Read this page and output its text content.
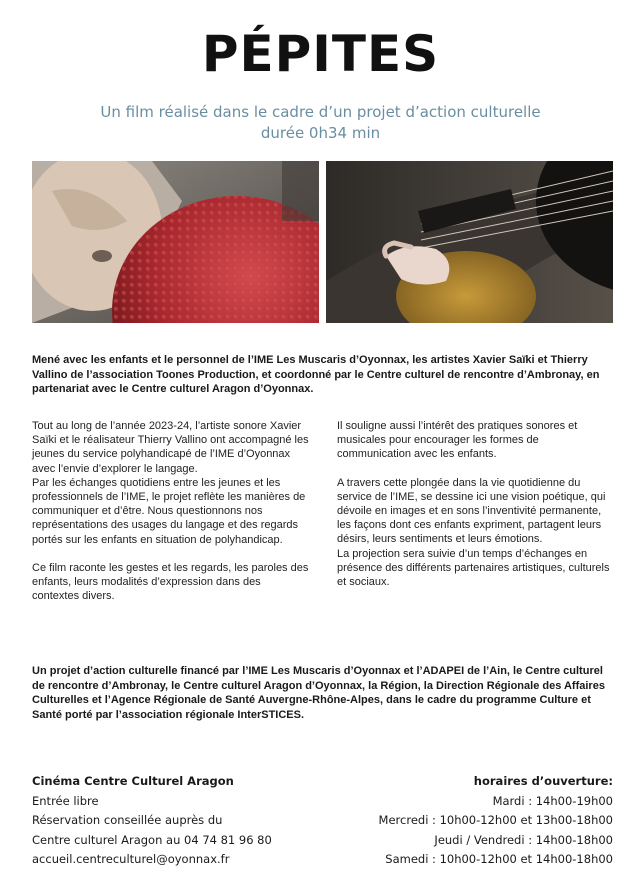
PÉPITES
Un film réalisé dans le cadre d’un projet d’action culturelle
durée 0h34 min

Mené avec les enfants et le personnel de l’IME Les Muscaris d’Oyonnax, les artistes Xavier Saïki et Thierry Vallino de l’association Toones Production, et coordonné par le Centre culturel de rencontre d’Ambronay, en partenariat avec le Centre culturel Aragon d’Oyonnax.

Tout au long de l’année 2023-24, l’artiste sonore Xavier Saïki et le réalisateur Thierry Vallino ont accompagné les jeunes du service polyhandicapé de l’IME d’Oyonnax avec l’envie d’explorer le langage.

Par les échanges quotidiens entre les jeunes et les professionnels de l’IME, le projet reflète les manières de communiquer et d’être. Nous questionnons nos représentations des usages du langage et des regards portés sur les enfants en situation de polyhandicap.

Ce film raconte les gestes et les regards, les paroles des enfants, leurs modalités d’expression dans des contextes divers.

Il souligne aussi l’intérêt des pratiques sonores et musicales pour encourager les formes de communication avec les enfants.

A travers cette plongée dans la vie quotidienne du service de l’IME, se dessine ici une vision poétique, qui dévoile en images et en sons l’inventivité permanente, les façons dont ces enfants expriment, partagent leurs désirs, leurs sentiments et leurs émotions.

La projection sera suivie d’un temps d’échanges en présence des différents partenaires artistiques, culturels et sociaux.

Un projet d’action culturelle financé par l’IME Les Muscaris d’Oyonnax et l’ADAPEI de l’Ain, le Centre culturel de rencontre d’Ambronay, le Centre culturel Aragon d’Oyonnax, la Région, la Direction Régionale des Affaires Culturelles et l’Agence Régionale de Santé Auvergne-Rhône-Alpes, dans le cadre du programme Culture et Santé porté par l’association régionale InterSTICES.

Cinéma Centre Culturel Aragon
Entrée libre
Réservation conseillée auprès du
Centre culturel Aragon au 04 74 81 96 80
accueil.centreculturel@oyonnax.fr
horaires d’ouverture:
Mardi : 14h00-19h00
Mercredi : 10h00-12h00 et 13h00-18h00
Jeudi / Vendredi : 14h00-18h00
Samedi : 10h00-12h00 et 14h00-18h00
